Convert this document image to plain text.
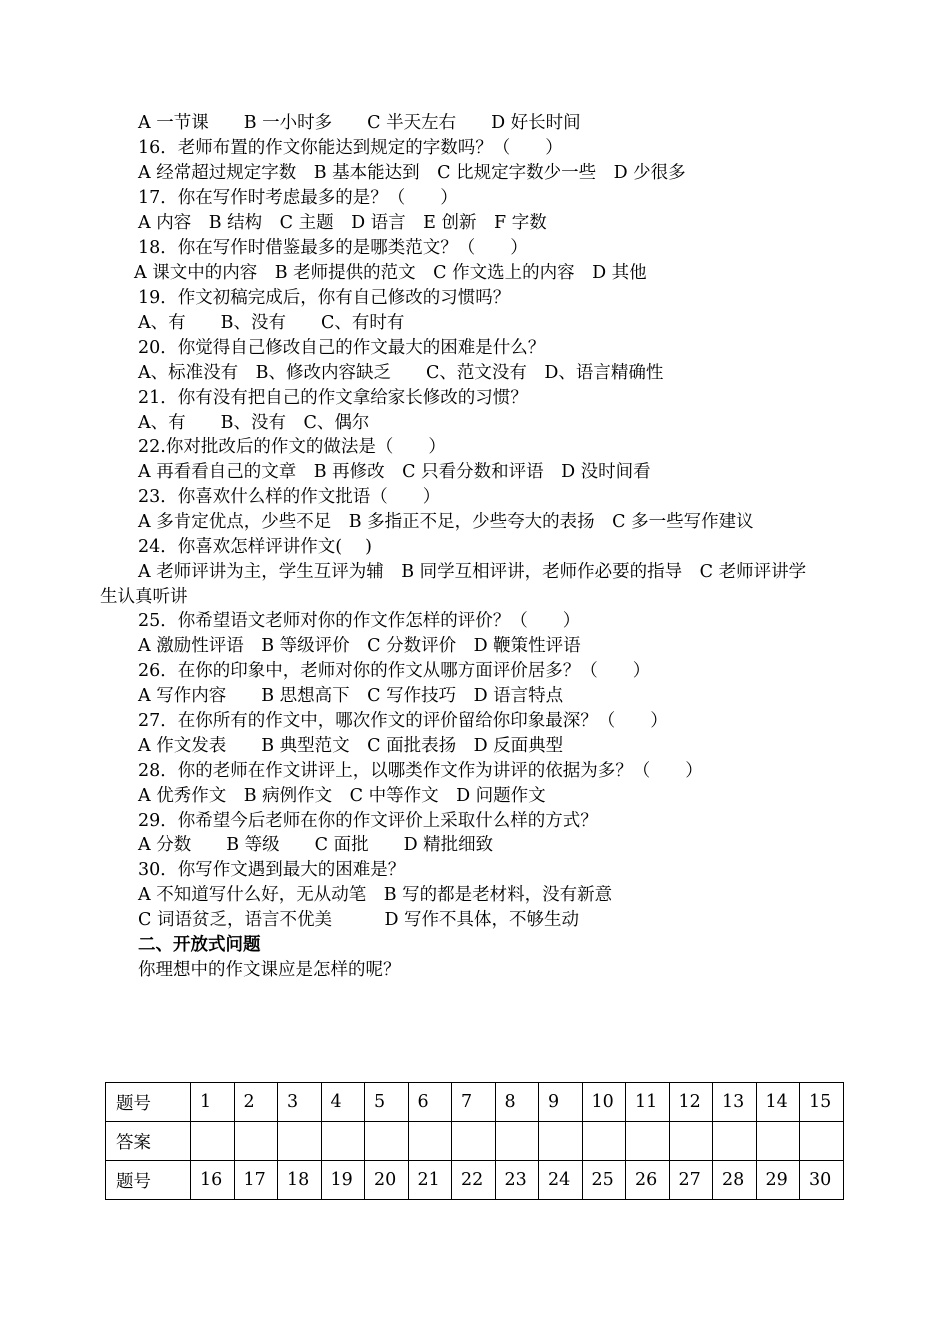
A 一节课　　B 一小时多　　C 半天左右　　D 好长时间
16．老师布置的作文你能达到规定的字数吗？（　　）
A 经常超过规定字数　B 基本能达到　C 比规定字数少一些　D 少很多
17．你在写作时考虑最多的是？（　　）
A 内容　B 结构　C 主题　D 语言　E 创新　F 字数
18．你在写作时借鉴最多的是哪类范文？（　　）
A 课文中的内容　B 老师提供的范文　C 作文选上的内容　D 其他
19．作文初稿完成后，你有自己修改的习惯吗？
A、有　　B、没有　　C、有时有
20．你觉得自己修改自己的作文最大的困难是什么？
A、标准没有　B、修改内容缺乏　　C、范文没有　D、语言精确性
21．你有没有把自己的作文拿给家长修改的习惯？
A、有　　B、没有　C、偶尔
22.你对批改后的作文的做法是（　　）
A 再看看自己的文章　B 再修改　C 只看分数和评语　D 没时间看
23．你喜欢什么样的作文批语（　　）
A 多肯定优点，少些不足　B 多指正不足，少些夸大的表扬　C 多一些写作建议
24．你喜欢怎样评讲作文(　 )
A 老师评讲为主，学生互评为辅　B 同学互相评讲，老师作必要的指导　C 老师评讲学
生认真听讲
25．你希望语文老师对你的作文作怎样的评价？（　　）
A 激励性评语　B 等级评价　C 分数评价　D 鞭策性评语
26．在你的印象中，老师对你的作文从哪方面评价居多？（　　）
A 写作内容　　B 思想高下　C 写作技巧　D 语言特点
27．在你所有的作文中，哪次作文的评价留给你印象最深？（　　）
A 作文发表　　B 典型范文　C 面批表扬　D 反面典型
28．你的老师在作文讲评上，以哪类作文作为讲评的依据为多？（　　）
A 优秀作文　B 病例作文　C 中等作文　D 问题作文
29．你希望今后老师在你的作文评价上采取什么样的方式？
A 分数　　B 等级　　C 面批　　D 精批细致
30．你写作文遇到最大的困难是？
A 不知道写什么好，无从动笔　B 写的都是老材料，没有新意
C 词语贫乏，语言不优美　　　D 写作不具体，不够生动
二、开放式问题
你理想中的作文课应是怎样的呢？
题号	1	2	3	4	5	6	7	8	9	10	11	12	13	14	15
答案															
题号	16	17	18	19	20	21	22	23	24	25	26	27	28	29	30
